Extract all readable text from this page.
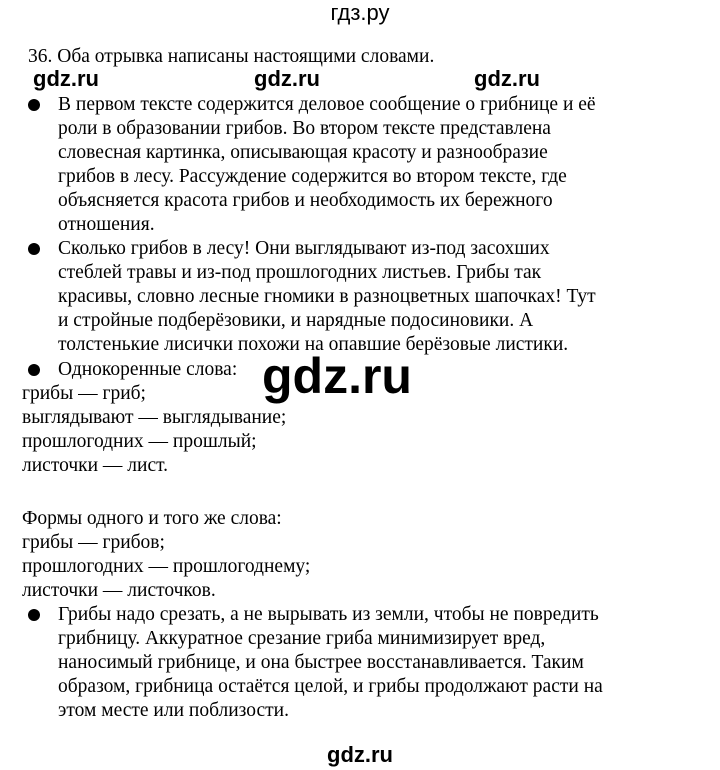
гдз.ру
36. Оба отрывка написаны настоящими словами.
gdz.ru	gdz.ru	gdz.ru
В первом тексте содержится деловое сообщение о грибнице и её
роли в образовании грибов. Во втором тексте представлена
словесная картинка, описывающая красоту и разнообразие
грибов в лесу. Рассуждение содержится во втором тексте, где
объясняется красота грибов и необходимость их бережного
отношения.
Сколько грибов в лесу! Они выглядывают из-под засохших
стеблей травы и из-под прошлогодних листьев. Грибы так
красивы, словно лесные гномики в разноцветных шапочках! Тут
и стройные подберёзовики, и нарядные подосиновики. А
толстенькие лисички похожи на опавшие берёзовые листики.
Однокоренные слова: gdz.ru
грибы — гриб;
выглядывают — выглядывание;
прошлогодних — прошлый;
листочки — лист.
Формы одного и того же слова:
грибы — грибов;
прошлогодних — прошлогоднему;
листочки — листочков.
Грибы надо срезать, а не вырывать из земли, чтобы не повредить
грибницу. Аккуратное срезание гриба минимизирует вред,
наносимый грибнице, и она быстрее восстанавливается. Таким
образом, грибница остаётся целой, и грибы продолжают расти на
этом месте или поблизости.
gdz.ru
